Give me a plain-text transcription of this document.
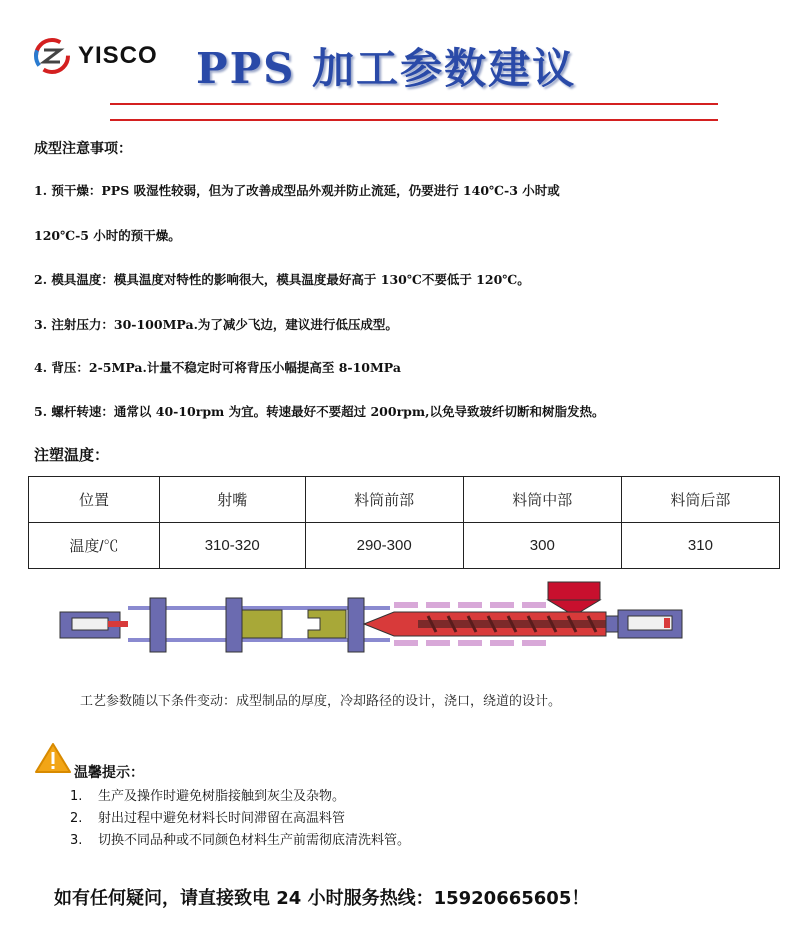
YISCO PPS 加工参数建议
成型注意事项：
1. 预干燥：PPS 吸湿性较弱，但为了改善成型品外观并防止流延，仍要进行 140℃-3 小时或
120℃-5 小时的预干燥。
2. 模具温度：模具温度对特性的影响很大，模具温度最好高于 130℃不要低于 120℃。
3. 注射压力：30-100MPa.为了减少飞边，建议进行低压成型。
4. 背压：2-5MPa.计量不稳定时可将背压小幅提高至 8-10MPa
5. 螺杆转速：通常以 40-10rpm 为宜。转速最好不要超过 200rpm,以免导致玻纤切断和树脂发热。
注塑温度：
位置	射嘴	料筒前部	料筒中部	料筒后部
温度/℃	310-320	290-300	300	310
工艺参数随以下条件变动：成型制品的厚度，冷却路径的设计，浇口，绕道的设计。
温馨提示：
1. 生产及操作时避免树脂接触到灰尘及杂物。
2. 射出过程中避免材料长时间滞留在高温料管
3. 切换不同品种或不同颜色材料生产前需彻底清洗料管。
如有任何疑问，请直接致电 24 小时服务热线：15920665605！
